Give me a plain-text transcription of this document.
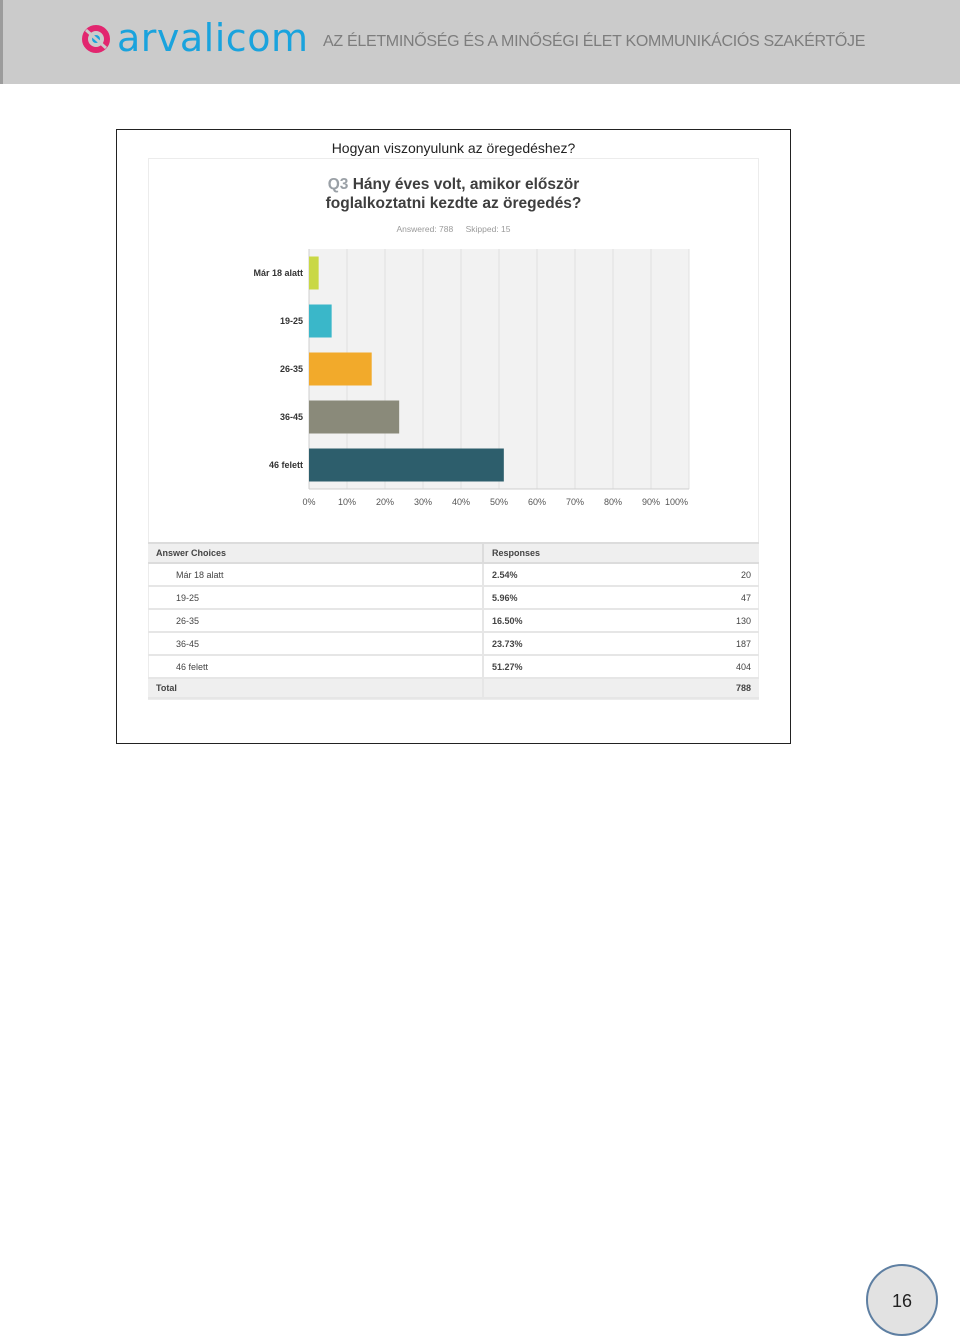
arvalicom AZ ÉLETMINŐSÉG ÉS A MINŐSÉGI ÉLET KOMMUNIKÁCIÓS SZAKÉRTŐJE
Hogyan viszonyulunk az öregedéshez?
Q3 Hány éves volt, amikor először
foglalkoztatni kezdte az öregedés?
Answered: 788 Skipped: 15
0% 10% 20% 30% 40% 50% 60% 70% 80% 90% 100%
Már 18 alatt
19-25
26-35
36-45
46 felett
Answer Choices	Responses	
Már 18 alatt	2.54%	20
19-25	5.96%	47
26-35	16.50%	130
36-45	23.73%	187
46 felett	51.27%	404
Total		788
16
